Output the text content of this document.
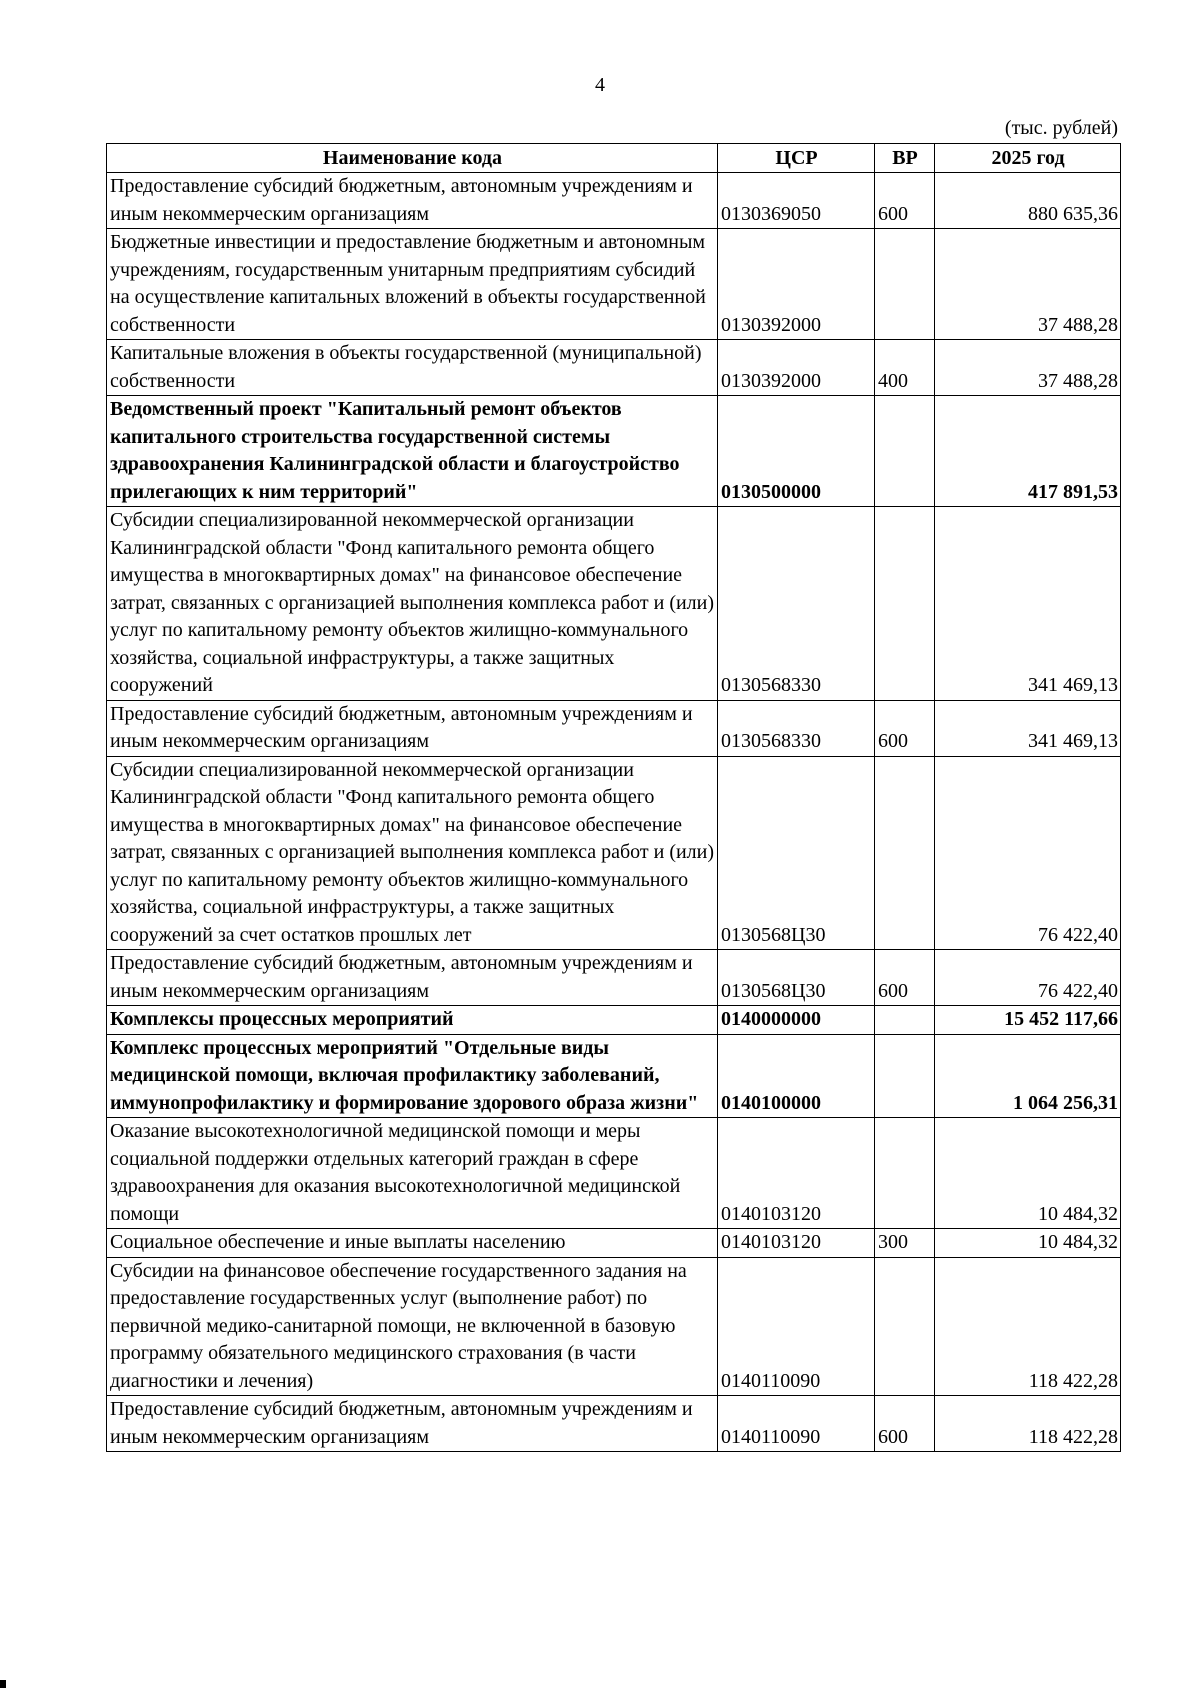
4
(тыс. рублей)
Наименование кода	ЦСР	ВР	2025 год
Предоставление субсидий бюджетным, автономным учреждениям и иным некоммерческим организациям	0130369050	600	880 635,36
Бюджетные инвестиции и предоставление бюджетным и автономным учреждениям, государственным унитарным предприятиям субсидий на осуществление капитальных вложений в объекты государственной собственности	0130392000		37 488,28
Капитальные вложения в объекты государственной (муниципальной) собственности	0130392000	400	37 488,28
Ведомственный проект "Капитальный ремонт объектов капитального строительства государственной системы здравоохранения Калининградской области и благоустройство прилегающих к ним территорий"	0130500000		417 891,53
Субсидии специализированной некоммерческой организации Калининградской области "Фонд капитального ремонта общего имущества в многоквартирных домах" на финансовое обеспечение затрат, связанных с организацией выполнения комплекса работ и (или) услуг по капитальному ремонту объектов жилищно-коммунального хозяйства, социальной инфраструктуры, а также защитных сооружений	0130568330		341 469,13
Предоставление субсидий бюджетным, автономным учреждениям и иным некоммерческим организациям	0130568330	600	341 469,13
Субсидии специализированной некоммерческой организации Калининградской области "Фонд капитального ремонта общего имущества в многоквартирных домах" на финансовое обеспечение затрат, связанных с организацией выполнения комплекса работ и (или) услуг по капитальному ремонту объектов жилищно-коммунального хозяйства, социальной инфраструктуры, а также защитных сооружений за счет остатков прошлых лет	0130568Ц30		76 422,40
Предоставление субсидий бюджетным, автономным учреждениям и иным некоммерческим организациям	0130568Ц30	600	76 422,40
Комплексы процессных мероприятий	0140000000		15 452 117,66
Комплекс процессных мероприятий "Отдельные виды медицинской помощи, включая профилактику заболеваний, иммунопрофилактику и формирование здорового образа жизни"	0140100000		1 064 256,31
Оказание высокотехнологичной медицинской помощи и меры социальной поддержки отдельных категорий граждан в сфере здравоохранения для оказания высокотехнологичной медицинской помощи	0140103120		10 484,32
Социальное обеспечение и иные выплаты населению	0140103120	300	10 484,32
Субсидии на финансовое обеспечение государственного задания на предоставление государственных услуг (выполнение работ) по первичной медико-санитарной помощи, не включенной в базовую программу обязательного медицинского страхования (в части диагностики и лечения)	0140110090		118 422,28
Предоставление субсидий бюджетным, автономным учреждениям и иным некоммерческим организациям	0140110090	600	118 422,28
